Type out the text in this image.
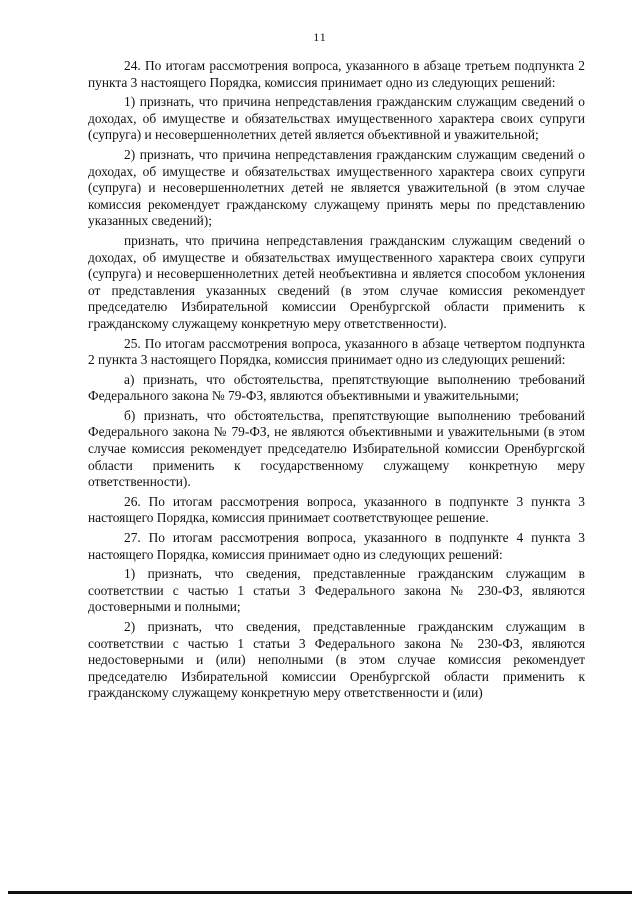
11

24. По итогам рассмотрения вопроса, указанного в абзаце третьем подпункта 2 пункта 3 настоящего Порядка, комиссия принимает одно из следующих решений:

1) признать, что причина непредставления гражданским служащим сведений о доходах, об имуществе и обязательствах имущественного характера своих супруги (супруга) и несовершеннолетних детей является объективной и уважительной;

2) признать, что причина непредставления гражданским служащим сведений о доходах, об имуществе и обязательствах имущественного характера своих супруги (супруга) и несовершеннолетних детей не является уважительной (в этом случае комиссия рекомендует гражданскому служащему принять меры по представлению указанных сведений);

признать, что причина непредставления гражданским служащим сведений о доходах, об имуществе и обязательствах имущественного характера своих супруги (супруга) и несовершеннолетних детей необъективна и является способом уклонения от представления указанных сведений (в этом случае комиссия рекомендует председателю Избирательной комиссии Оренбургской области применить к гражданскому служащему конкретную меру ответственности).

25. По итогам рассмотрения вопроса, указанного в абзаце четвертом подпункта 2 пункта 3 настоящего Порядка, комиссия принимает одно из следующих решений:

а) признать, что обстоятельства, препятствующие выполнению требований Федерального закона № 79-ФЗ, являются объективными и уважительными;

б) признать, что обстоятельства, препятствующие выполнению требований Федерального закона № 79-ФЗ, не являются объективными и уважительными (в этом случае комиссия рекомендует председателю Избирательной комиссии Оренбургской области применить к государственному служащему конкретную меру ответственности).

26. По итогам рассмотрения вопроса, указанного в подпункте 3 пункта 3 настоящего Порядка, комиссия принимает соответствующее решение.

27. По итогам рассмотрения вопроса, указанного в подпункте 4 пункта 3 настоящего Порядка, комиссия принимает одно из следующих решений:

1) признать, что сведения, представленные гражданским служащим в соответствии с частью 1 статьи 3 Федерального закона № 230-ФЗ, являются достоверными и полными;

2) признать, что сведения, представленные гражданским служащим в соответствии с частью 1 статьи 3 Федерального закона № 230-ФЗ, являются недостоверными и (или) неполными (в этом случае комиссия рекомендует председателю Избирательной комиссии Оренбургской области применить к гражданскому служащему конкретную меру ответственности и (или)
